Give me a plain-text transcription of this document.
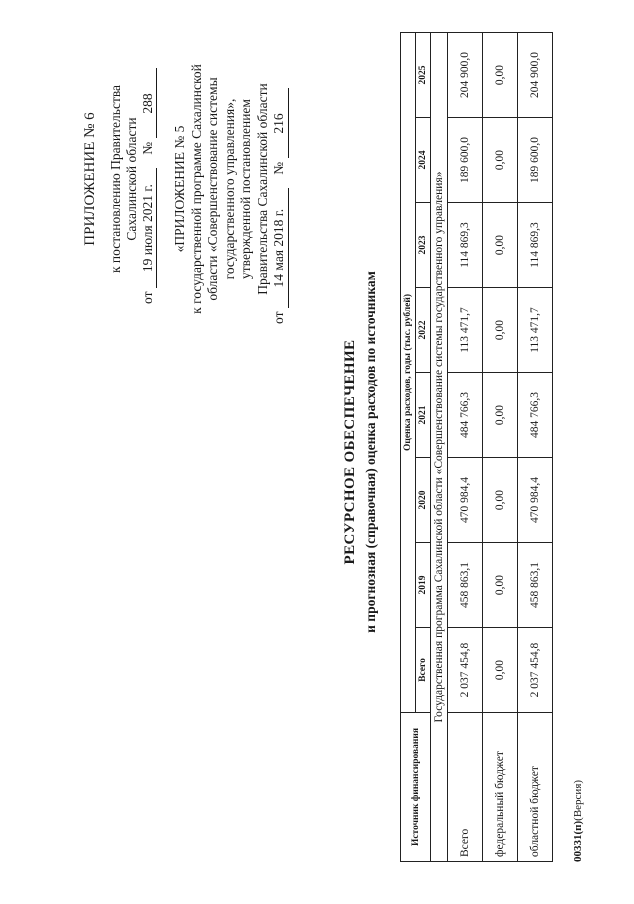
ПРИЛОЖЕНИЕ № 6 к постановлению Правительства Сахалинской области
от 19 июля 2021 г. № 288
«ПРИЛОЖЕНИЕ № 5 к государственной программе Сахалинской области «Совершенствование системы государственного управления», утвержденной постановлением Правительства Сахалинской области
от 14 мая 2018 г. № 216
РЕСУРСНОЕ ОБЕСПЕЧЕНИЕ и прогнозная (справочная) оценка расходов по источникам
Источник финансирования	Оценка расходов, годы (тыс. рублей)							
	Всего	2019	2020	2021	2022	2023	2024	2025
Государственная программа Сахалинской области «Совершенствование системы государственного управления»								
Всего	2 037 454,8	458 863,1	470 984,4	484 766,3	113 471,7	114 869,3	189 600,0	204 900,0
федеральный бюджет	0,00	0,00	0,00	0,00	0,00	0,00	0,00	0,00
областной бюджет	2 037 454,8	458 863,1	470 984,4	484 766,3	113 471,7	114 869,3	189 600,0	204 900,0
00331(п)(Версия)
